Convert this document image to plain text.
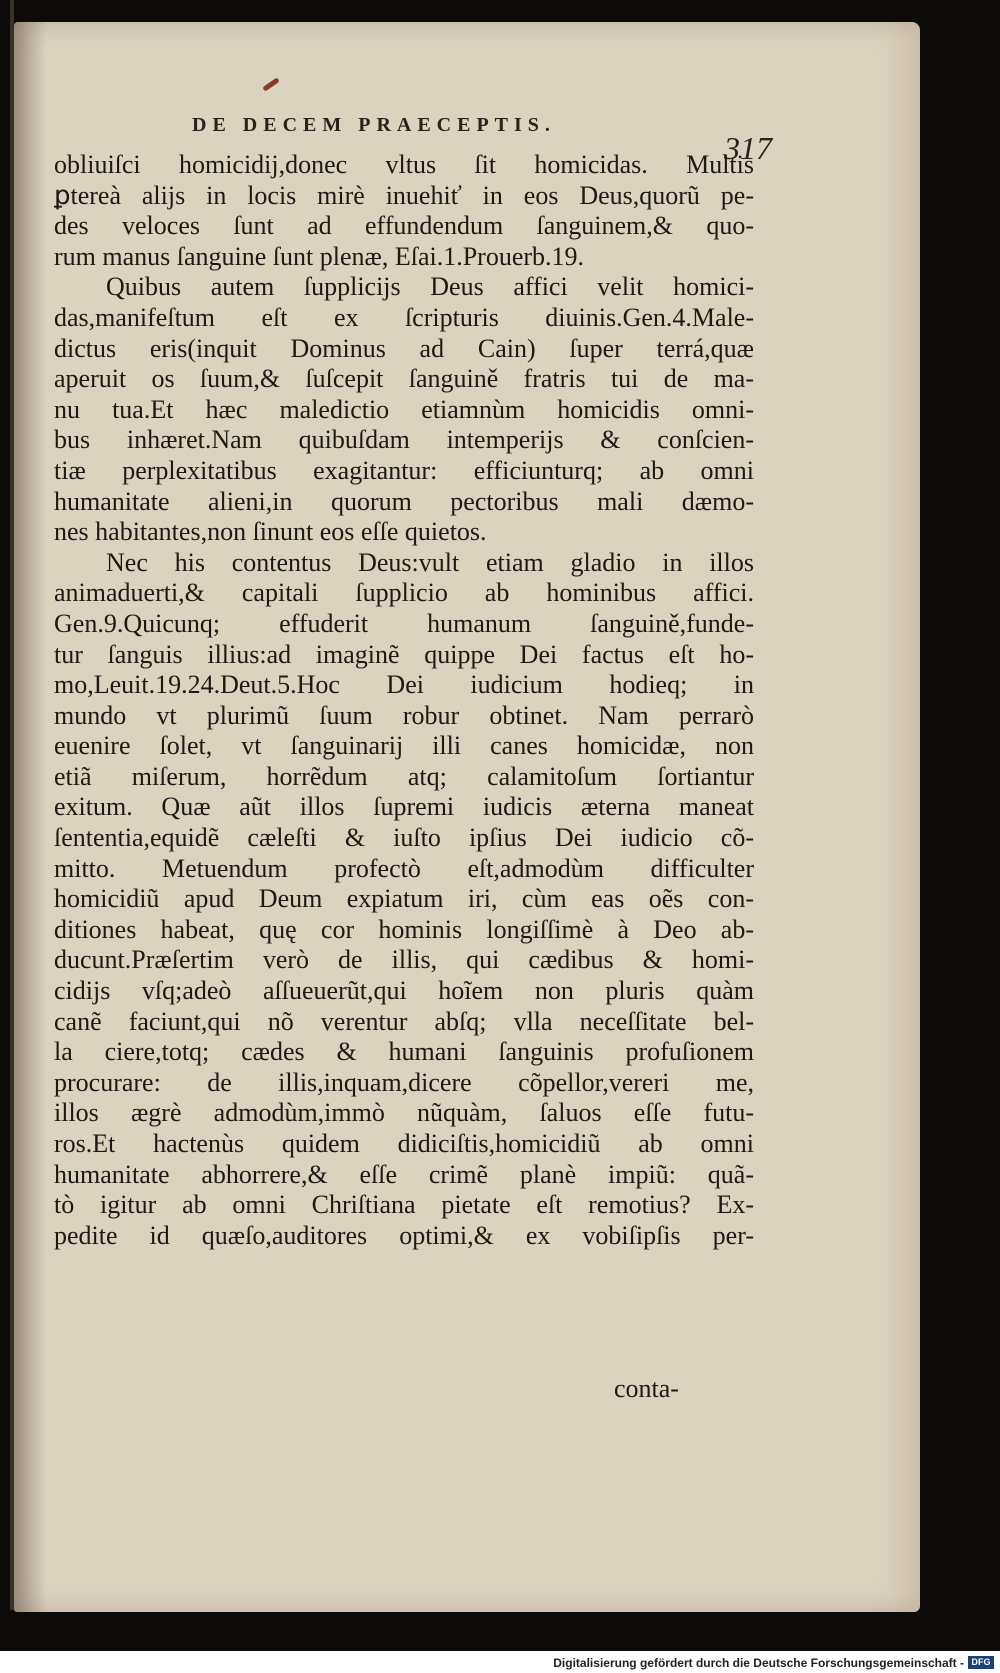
DE DECEM PRAECEPTIS.
317
obliuiſci homicidij,donec vltus ſit homicidas. Multis
ꝑtereà alijs in locis mirè inuehiť in eos Deus,quorũ pe-
des veloces ſunt ad effundendum ſanguinem,& quo-
rum manus ſanguine ſunt plenæ, Eſai.1.Prouerb.19.
Quibus autem ſupplicijs Deus affici velit homici-
das,manifeſtum eſt ex ſcripturis diuinis.Gen.4.Male-
dictus eris(inquit Dominus ad Cain) ſuper terrá,quæ
aperuit os ſuum,& ſuſcepit ſanguině fratris tui de ma-
nu tua.Et hæc maledictio etiamnùm homicidis omni-
bus inhæret.Nam quibuſdam intemperijs & conſcien-
tiæ perplexitatibus exagitantur: efficiunturq; ab omni
humanitate alieni,in quorum pectoribus mali dæmo-
nes habitantes,non ſinunt eos eſſe quietos.
Nec his contentus Deus:vult etiam gladio in illos
animaduerti,& capitali ſupplicio ab hominibus affici.
Gen.9.Quicunq; effuderit humanum ſanguině,funde-
tur ſanguis illius:ad imaginẽ quippe Dei factus eſt ho-
mo,Leuit.19.24.Deut.5.Hoc Dei iudicium hodieq; in
mundo vt plurimũ ſuum robur obtinet. Nam perrarò
euenire ſolet, vt ſanguinarij illi canes homicidæ, non
etiã miſerum, horrẽdum atq; calamitoſum ſortiantur
exitum. Quæ aũt illos ſupremi iudicis æterna maneat
ſententia,equidẽ cæleſti & iuſto ipſius Dei iudicio cõ-
mitto. Metuendum profectò eſt,admodùm difficulter
homicidiũ apud Deum expiatum iri, cùm eas oẽs con-
ditiones habeat, quę cor hominis longiſſimè à Deo ab-
ducunt.Præſertim verò de illis, qui cædibus & homi-
cidijs vſq;adeò aſſueuerũt,qui hoĩem non pluris quàm
canẽ faciunt,qui nõ verentur abſq; vlla neceſſitate bel-
la ciere,totq; cædes & humani ſanguinis profuſionem
procurare: de illis,inquam,dicere cõpellor,vereri me,
illos ægrè admodùm,immò nũquàm, ſaluos eſſe futu-
ros.Et hactenùs quidem didiciſtis,homicidiũ ab omni
humanitate abhorrere,& eſſe crimẽ planè impiũ: quã-
tò igitur ab omni Chriſtiana pietate eſt remotius? Ex-
pedite id quæſo,auditores optimi,& ex vobiſipſis per-
conta-
Digitalisierung gefördert durch die Deutsche Forschungsgemeinschaft - DFG
